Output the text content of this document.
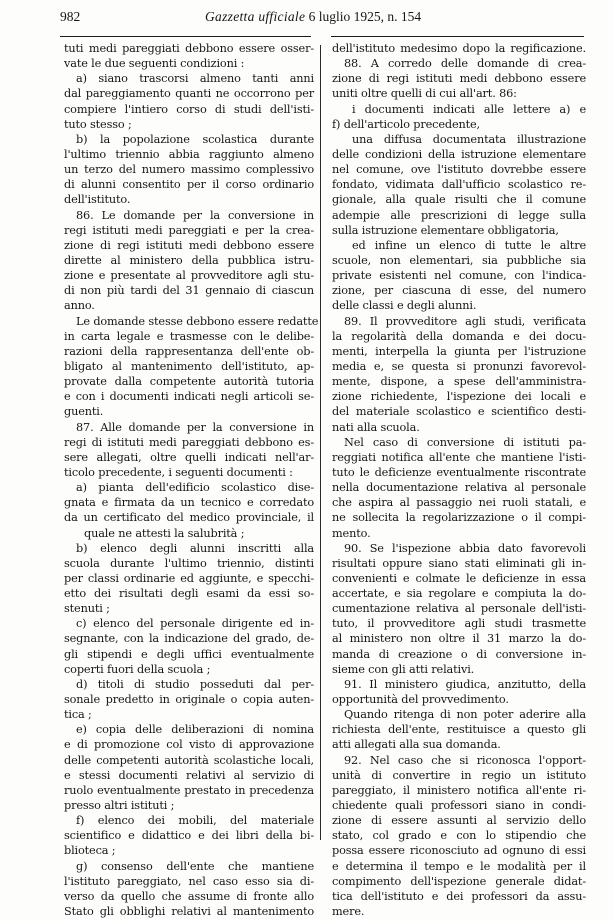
982	Gazzetta ufficiale 6 luglio 1925, n. 154
tuti medi pareggiati debbono essere osser-
vate le due seguenti condizioni :
a) siano trascorsi almeno tanti anni
dal pareggiamento quanti ne occorrono per
compiere l'intiero corso di studi dell'isti-
tuto stesso ;
b) la popolazione scolastica durante
l'ultimo triennio abbia raggiunto almeno
un terzo del numero massimo complessivo
di alunni consentito per il corso ordinario
dell'istituto.
86. Le domande per la conversione in
regi istituti medi pareggiati e per la crea-
zione di regi istituti medi debbono essere
dirette al ministero della pubblica istru-
zione e presentate al provveditore agli stu-
di non più tardi del 31 gennaio di ciascun
anno.
Le domande stesse debbono essere redatte
in carta legale e trasmesse con le delibe-
razioni della rappresentanza dell'ente ob-
bligato al mantenimento dell'istituto, ap-
provate dalla competente autorità tutoria
e con i documenti indicati negli articoli se-
guenti.
87. Alle domande per la conversione in
regi di istituti medi pareggiati debbono es-
sere allegati, oltre quelli indicati nell'ar-
ticolo precedente, i seguenti documenti :
a) pianta dell'edificio scolastico dise-
gnata e firmata da un tecnico e corredato
da un certificato del medico provinciale, il
quale ne attesti la salubrità ;
b) elenco degli alunni inscritti alla
scuola durante l'ultimo triennio, distinti
per classi ordinarie ed aggiunte, e specchi-
etto dei risultati degli esami da essi so-
stenuti ;
c) elenco del personale dirigente ed in-
segnante, con la indicazione del grado, de-
gli stipendi e degli uffici eventualmente
coperti fuori della scuola ;
d) titoli di studio posseduti dal per-
sonale predetto in originale o copia auten-
tica ;
e) copia delle deliberazioni di nomina
e di promozione col visto di approvazione
delle competenti autorità scolastiche locali,
e stessi documenti relativi al servizio di
ruolo eventualmente prestato in precedenza
presso altri istituti ;
f) elenco dei mobili, del materiale
scientifico e didattico e dei libri della bi-
blioteca ;
g) consenso dell'ente che mantiene
l'istituto pareggiato, nel caso esso sia di-
verso da quello che assume di fronte allo
Stato gli obblighi relativi al mantenimento
dell'istituto medesimo dopo la regificazione.
88. A corredo delle domande di crea-
zione di regi istituti medi debbono essere
uniti oltre quelli di cui all'art. 86:
i documenti indicati alle lettere a) e
f) dell'articolo precedente,
una diffusa documentata illustrazione
delle condizioni della istruzione elementare
nel comune, ove l'istituto dovrebbe essere
fondato, vidimata dall'ufficio scolastico re-
gionale, alla quale risulti che il comune
adempie alle prescrizioni di legge sulla
sulla istruzione elementare obbligatoria,
ed infine un elenco di tutte le altre
scuole, non elementari, sia pubbliche sia
private esistenti nel comune, con l'indica-
zione, per ciascuna di esse, del numero
delle classi e degli alunni.
89. Il provveditore agli studi, verificata
la regolarità della domanda e dei docu-
menti, interpella la giunta per l'istruzione
media e, se questa si pronunzi favorevol-
mente, dispone, a spese dell'amministra-
zione richiedente, l'ispezione dei locali e
del materiale scolastico e scientifico desti-
nati alla scuola.
Nel caso di conversione di istituti pa-
reggiati notifica all'ente che mantiene l'isti-
tuto le deficienze eventualmente riscontrate
nella documentazione relativa al personale
che aspira al passaggio nei ruoli statali, e
ne sollecita la regolarizzazione o il compi-
mento.
90. Se l'ispezione abbia dato favorevoli
risultati oppure siano stati eliminati gli in-
convenienti e colmate le deficienze in essa
accertate, e sia regolare e compiuta la do-
cumentazione relativa al personale dell'isti-
tuto, il provveditore agli studi trasmette
al ministero non oltre il 31 marzo la do-
manda di creazione o di conversione in-
sieme con gli atti relativi.
91. Il ministero giudica, anzitutto, della
opportunità del provvedimento.
Quando ritenga di non poter aderire alla
richiesta dell'ente, restituisce a questo gli
atti allegati alla sua domanda.
92. Nel caso che si riconosca l'opport-
unità di convertire in regio un istituto
pareggiato, il ministero notifica all'ente ri-
chiedente quali professori siano in condi-
zione di essere assunti al servizio dello
stato, col grado e con lo stipendio che
possa essere riconosciuto ad ognuno di essi
e determina il tempo e le modalità per il
compimento dell'ispezione generale didat-
tica dell'istituto e dei professori da assu-
mere.
